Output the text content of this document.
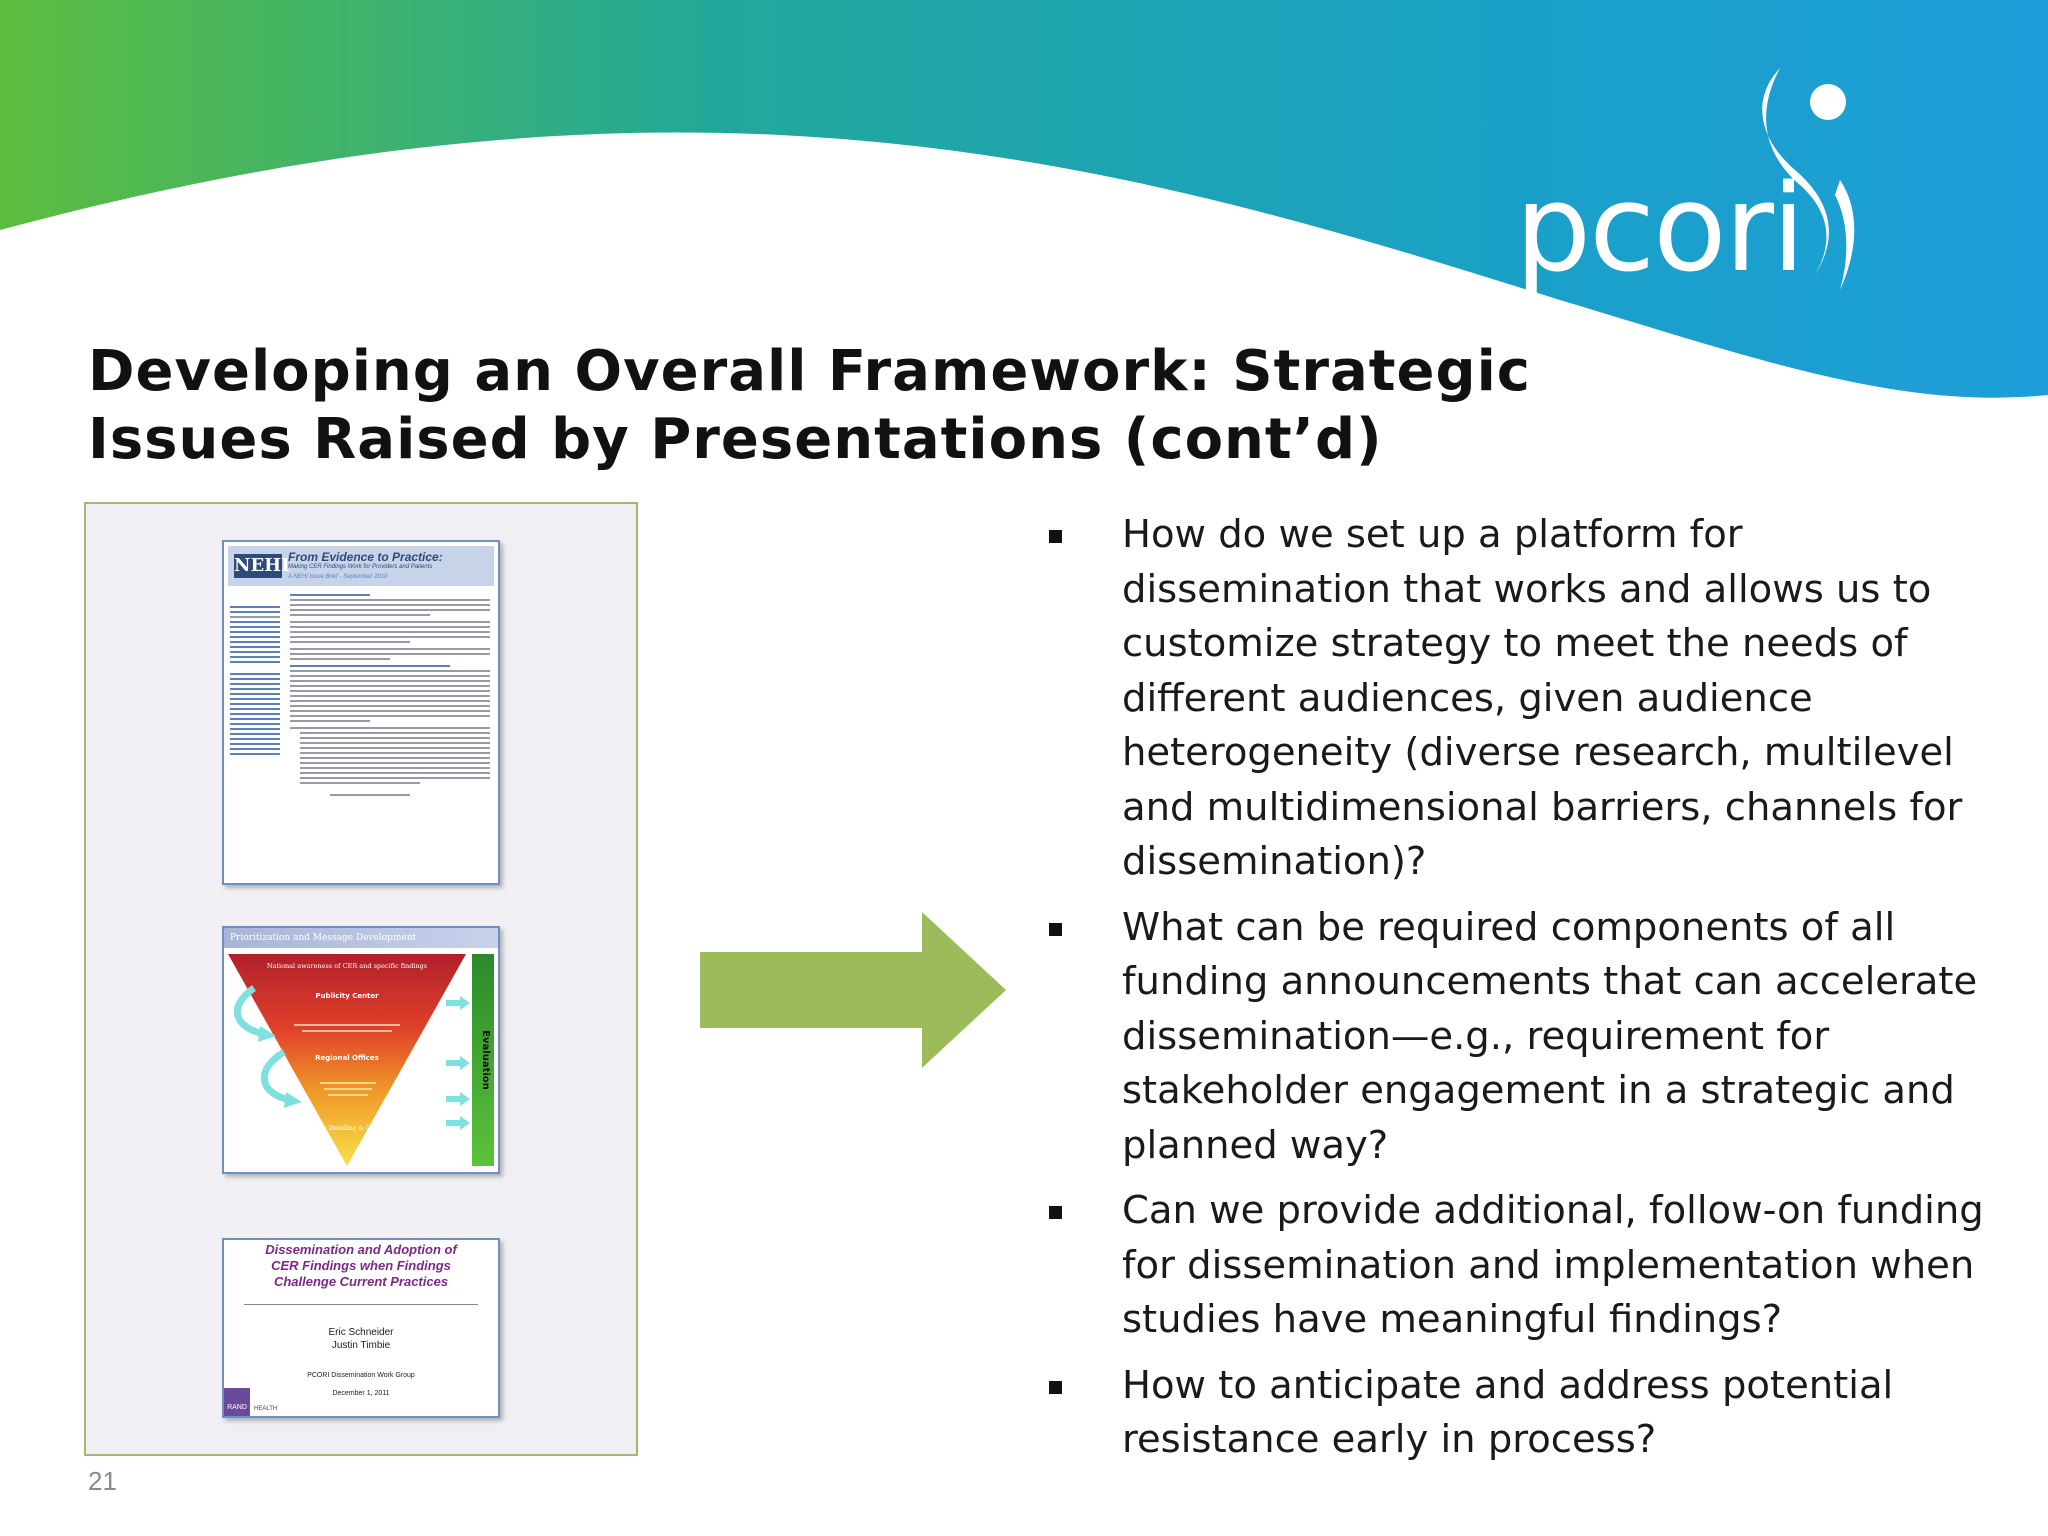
pcori
Developing an Overall Framework: Strategic
Issues Raised by Presentations (cont’d)
NEHI
From Evidence to Practice:
Making CER Findings Work for Providers and Patients
A NEHI Issue Brief - September 2010
Prioritization and Message Development
Evaluation
National awareness of CER and specific findings
Publicity Center
Regional Offices
Academic Detailing & Online CE
Dissemination and Adoption of
CER Findings when Findings
Challenge Current Practices
Eric Schneider
Justin Timbie
PCORI Dissemination Work Group
December 1, 2011
RAND	HEALTH
How do we set up a platform for dissemination that works and allows us to customize strategy to meet the needs of different audiences, given audience heterogeneity (diverse research, multilevel and multidimensional barriers, channels for dissemination)?
What can be required components of all funding announcements that can accelerate dissemination—e.g., requirement for stakeholder engagement in a strategic and planned way?
Can we provide additional, follow-on funding for dissemination and implementation when studies have meaningful findings?
How to anticipate and address potential resistance early in process?
21
